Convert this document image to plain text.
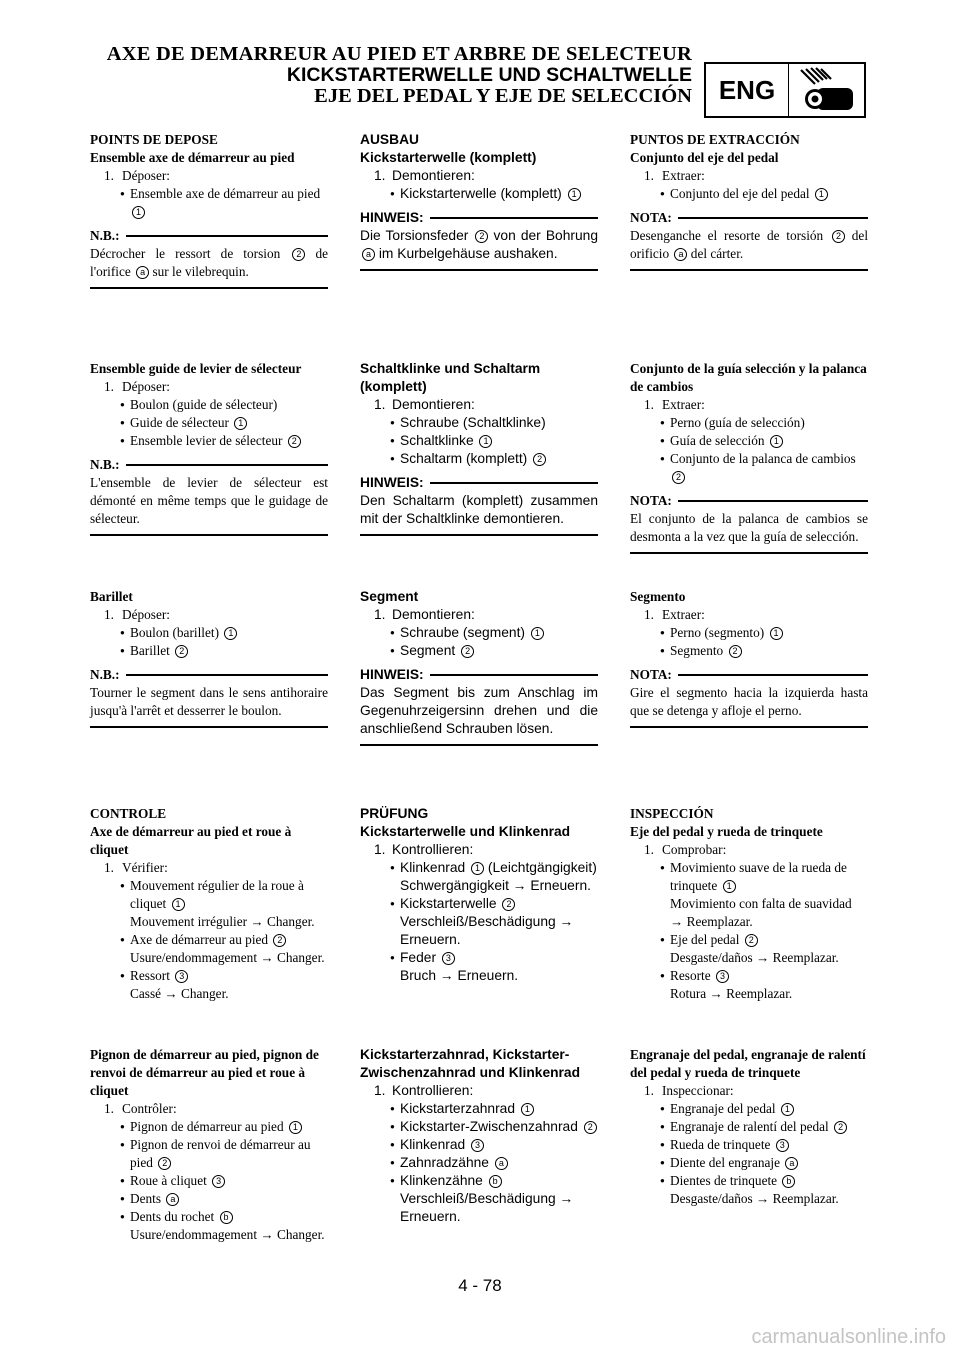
AXE DE DEMARREUR AU PIED ET ARBRE DE SELECTEUR
KICKSTARTERWELLE UND SCHALTWELLE
EJE DEL PEDAL Y EJE DE SELECCIÓN	ENG
POINTS DE DEPOSE
Ensemble axe de démarreur au pied
1. Déposer:
● Ensemble axe de démarreur au pied 1
N.B.:
Décrocher le ressort de torsion 2 de l'orifice a sur le vilebrequin.
Ensemble guide de levier de sélecteur
1. Déposer:
● Boulon (guide de sélecteur)
● Guide de sélecteur 1
● Ensemble levier de sélecteur 2
N.B.:
L'ensemble de levier de sélecteur est démonté en même temps que le guidage de sélecteur.
Barillet
1. Déposer:
● Boulon (barillet) 1
● Barillet 2
N.B.:
Tourner le segment dans le sens antihoraire jusqu'à l'arrêt et desserrer le boulon.
CONTROLE
Axe de démarreur au pied et roue à cliquet
1. Vérifier:
● Mouvement régulier de la roue à cliquet 1
Mouvement irrégulier → Changer.
● Axe de démarreur au pied 2
Usure/endommagement → Changer.
● Ressort 3
Cassé → Changer.
Pignon de démarreur au pied, pignon de renvoi de démarreur au pied et roue à cliquet
1. Contrôler:
● Pignon de démarreur au pied 1
● Pignon de renvoi de démarreur au pied 2
● Roue à cliquet 3
● Dents a
● Dents du rochet b
Usure/endommagement → Changer.
AUSBAU
Kickstarterwelle (komplett)
1. Demontieren:
● Kickstarterwelle (komplett) 1
HINWEIS:
Die Torsionsfeder 2 von der Bohrung a im Kurbelgehäuse aushaken.
Schaltklinke und Schaltarm (komplett)
1. Demontieren:
● Schraube (Schaltklinke)
● Schaltklinke 1
● Schaltarm (komplett) 2
HINWEIS:
Den Schaltarm (komplett) zusammen mit der Schaltklinke demontieren.
Segment
1. Demontieren:
● Schraube (segment) 1
● Segment 2
HINWEIS:
Das Segment bis zum Anschlag im Gegenuhrzeigersinn drehen und die anschließend Schrauben lösen.
PRÜFUNG
Kickstarterwelle und Klinkenrad
1. Kontrollieren:
● Klinkenrad 1 (Leichtgängigkeit)
Schwergängigkeit → Erneuern.
● Kickstarterwelle 2
Verschleiß/Beschädigung → Erneuern.
● Feder 3
Bruch → Erneuern.
Kickstarterzahnrad, Kickstarter-Zwischenzahnrad und Klinkenrad
1. Kontrollieren:
● Kickstarterzahnrad 1
● Kickstarter-Zwischenzahnrad 2
● Klinkenrad 3
● Zahnradzähne a
● Klinkenzähne b
Verschleiß/Beschädigung → Erneuern.
PUNTOS DE EXTRACCIÓN
Conjunto del eje del pedal
1. Extraer:
● Conjunto del eje del pedal 1
NOTA:
Desenganche el resorte de torsión 2 del orificio a del cárter.
Conjunto de la guía selección y la palanca de cambios
1. Extraer:
● Perno (guía de selección)
● Guía de selección 1
● Conjunto de la palanca de cambios 2
NOTA:
El conjunto de la palanca de cambios se desmonta a la vez que la guía de selección.
Segmento
1. Extraer:
● Perno (segmento) 1
● Segmento 2
NOTA:
Gire el segmento hacia la izquierda hasta que se detenga y afloje el perno.
INSPECCIÓN
Eje del pedal y rueda de trinquete
1. Comprobar:
● Movimiento suave de la rueda de trinquete 1
Movimiento con falta de suavidad → Reemplazar.
● Eje del pedal 2
Desgaste/daños → Reemplazar.
● Resorte 3
Rotura → Reemplazar.
Engranaje del pedal, engranaje de ralentí del pedal y rueda de trinquete
1. Inspeccionar:
● Engranaje del pedal 1
● Engranaje de ralentí del pedal 2
● Rueda de trinquete 3
● Diente del engranaje a
● Dientes de trinquete b
Desgaste/daños → Reemplazar.
4 - 78
carmanualsonline.info
